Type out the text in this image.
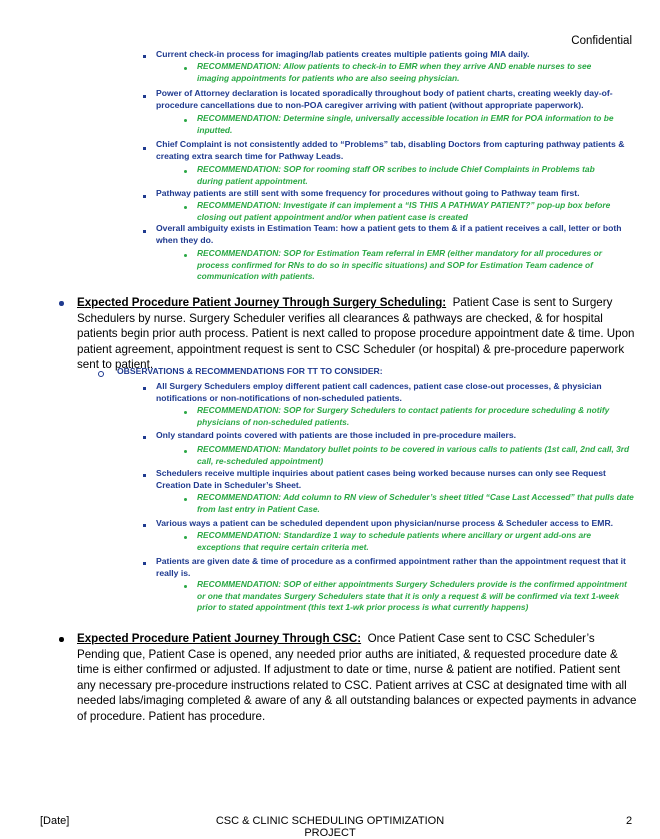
Confidential
Current check-in process for imaging/lab patients creates multiple patients going MIA daily.
RECOMMENDATION: Allow patients to check-in to EMR when they arrive AND enable nurses to see imaging appointments for patients who are also seeing physician.
Power of Attorney declaration is located sporadically throughout body of patient charts, creating weekly day-of-procedure cancellations due to non-POA caregiver arriving with patient (without appropriate paperwork).
RECOMMENDATION: Determine single, universally accessible location in EMR for POA information to be inputted.
Chief Complaint is not consistently added to “Problems” tab, disabling Doctors from capturing pathway patients & creating extra search time for Pathway Leads.
RECOMMENDATION: SOP for rooming staff OR scribes to include Chief Complaints in Problems tab during patient appointment.
Pathway patients are still sent with some frequency for procedures without going to Pathway team first.
RECOMMENDATION: Investigate if can implement a “IS THIS A PATHWAY PATIENT?” pop-up box before closing out patient appointment and/or when patient case is created
Overall ambiguity exists in Estimation Team: how a patient gets to them & if a patient receives a call, letter or both when they do.
RECOMMENDATION: SOP for Estimation Team referral in EMR (either mandatory for all procedures or process confirmed for RNs to do so in specific situations) and SOP for Estimation Team cadence of communication with patients.
Expected Procedure Patient Journey Through Surgery Scheduling: Patient Case is sent to Surgery Schedulers by nurse. Surgery Scheduler verifies all clearances & pathways are checked, & for hospital patients begin prior auth process. Patient is next called to propose procedure appointment date & time. Upon patient agreement, appointment request is sent to CSC Scheduler (or hospital) & pre-procedure paperwork sent to patient.
OBSERVATIONS & RECOMMENDATIONS FOR TT TO CONSIDER:
All Surgery Schedulers employ different patient call cadences, patient case close-out processes, & physician notifications or non-notifications of non-scheduled patients.
RECOMMENDATION: SOP for Surgery Schedulers to contact patients for procedure scheduling & notify physicians of non-scheduled patients.
Only standard points covered with patients are those included in pre-procedure mailers.
RECOMMENDATION: Mandatory bullet points to be covered in various calls to patients (1st call, 2nd call, 3rd call, re-scheduled appointment)
Schedulers receive multiple inquiries about patient cases being worked because nurses can only see Request Creation Date in Scheduler’s Sheet.
RECOMMENDATION: Add column to RN view of Scheduler’s sheet titled “Case Last Accessed” that pulls date from last entry in Patient Case.
Various ways a patient can be scheduled dependent upon physician/nurse process & Scheduler access to EMR.
RECOMMENDATION: Standardize 1 way to schedule patients where ancillary or urgent add-ons are exceptions that require certain criteria met.
Patients are given date & time of procedure as a confirmed appointment rather than the appointment request that it really is.
RECOMMENDATION: SOP of either appointments Surgery Schedulers provide is the confirmed appointment or one that mandates Surgery Schedulers state that it is only a request & will be confirmed via text 1-week prior to stated appointment (this text 1-wk prior process is what currently happens)
Expected Procedure Patient Journey Through CSC: Once Patient Case sent to CSC Scheduler’s Pending que, Patient Case is opened, any needed prior auths are initiated, & requested procedure date & time is either confirmed or adjusted. If adjustment to date or time, nurse & patient are notified. Patient sent any necessary pre-procedure instructions related to CSC. Patient arrives at CSC at designated time with all needed labs/imaging completed & aware of any & all outstanding balances or expected payments in advance of procedure. Patient has procedure.
[Date]	CSC & CLINIC SCHEDULING OPTIMIZATION PROJECT
2
